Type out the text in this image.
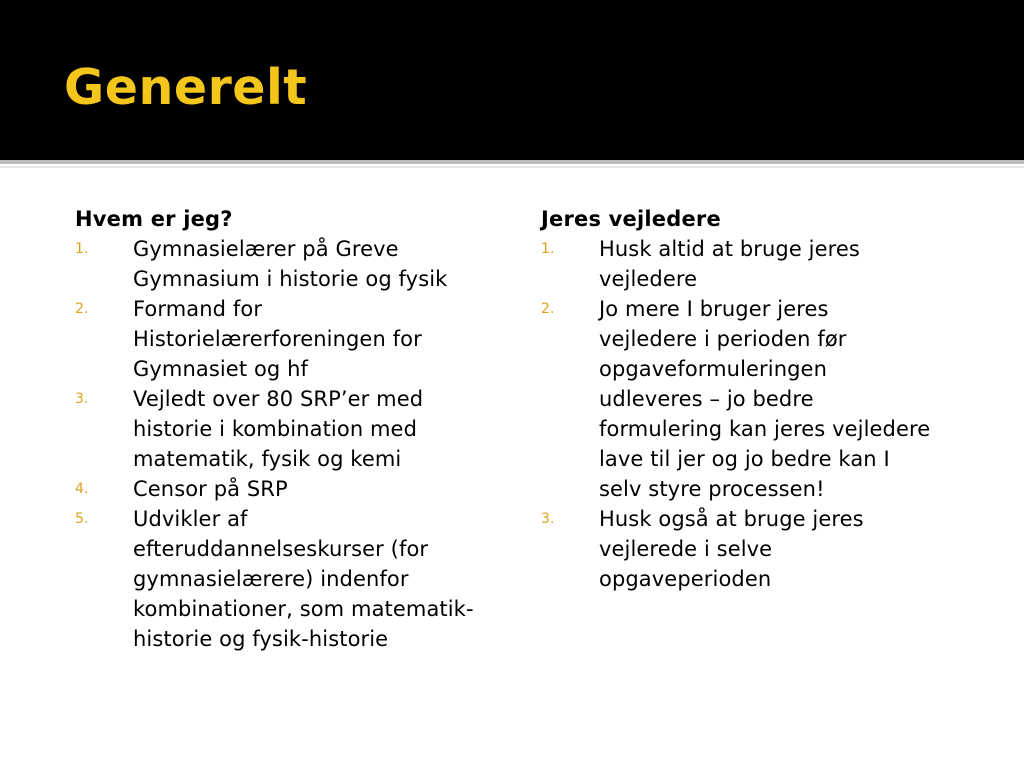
Generelt

Hvem er jeg?

1. Gymnasielærer på Greve Gymnasium i historie og fysik
2. Formand for Historielærerforeningen for Gymnasiet og hf
3. Vejledt over 80 SRP’er med historie i kombination med matematik, fysik og kemi
4. Censor på SRP
5. Udvikler af efteruddannelseskurser (for gymnasielærere) indenfor kombinationer, som matematik-historie og fysik-historie

Jeres vejledere

1. Husk altid at bruge jeres vejledere
2. Jo mere I bruger jeres vejledere i perioden før opgaveformuleringen udleveres – jo bedre formulering kan jeres vejledere lave til jer og jo bedre kan I selv styre processen!
3. Husk også at bruge jeres vejlerede i selve opgaveperioden
